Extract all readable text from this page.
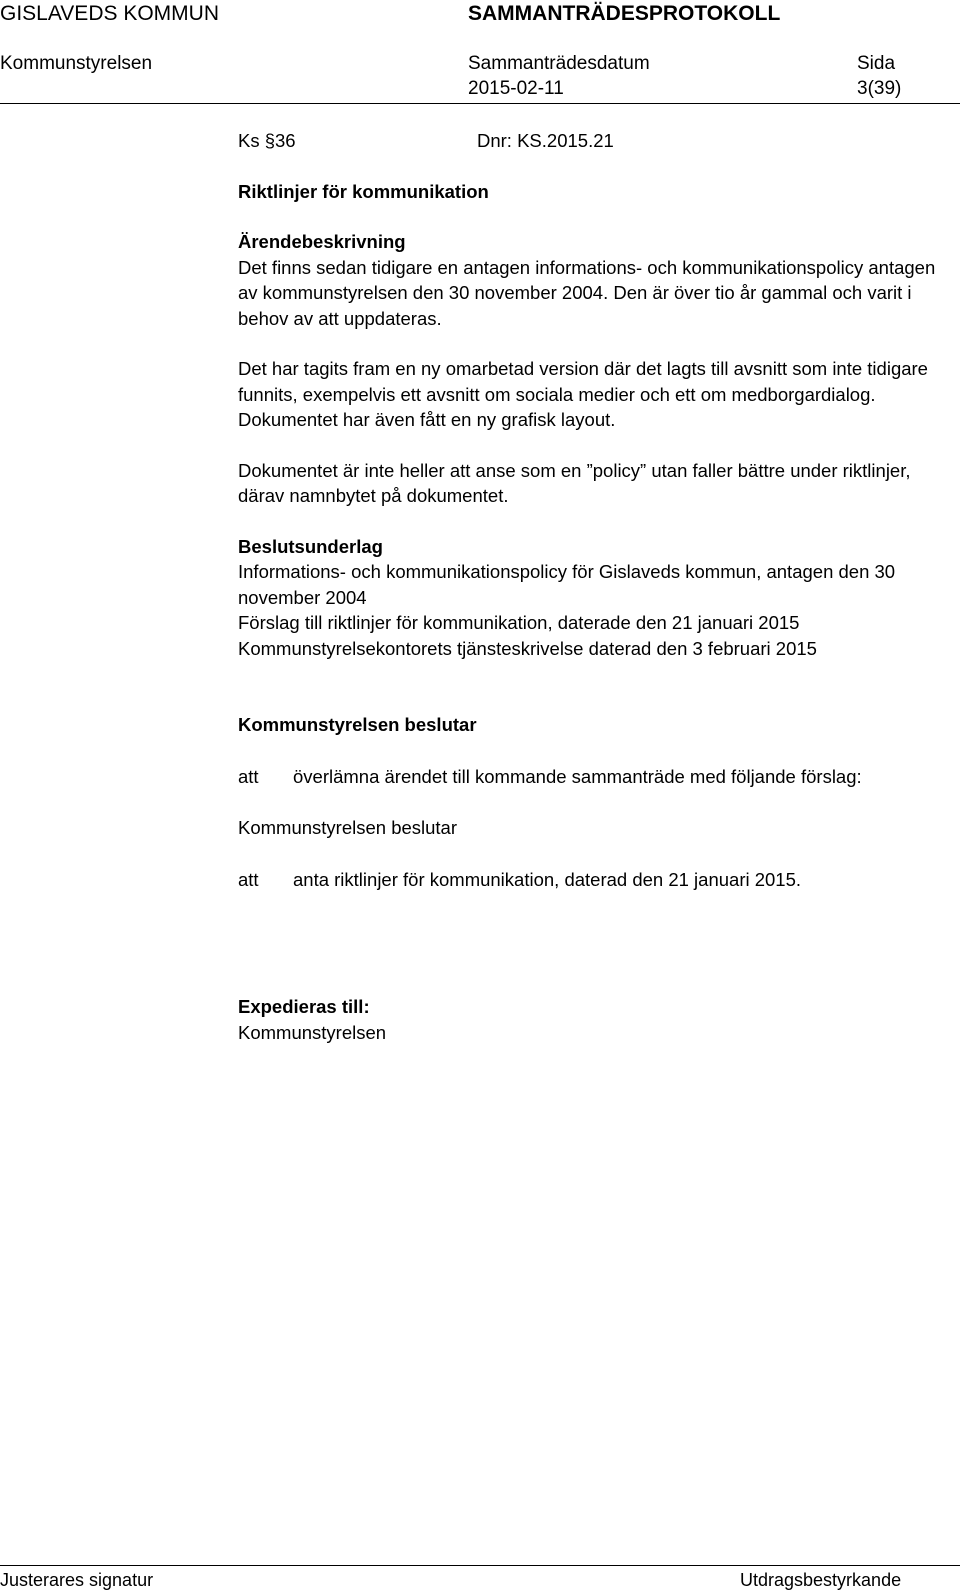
GISLAVEDS KOMMUN	SAMMANTRÄDESPROTOKOLL
Kommunstyrelsen	Sammanträdesdatum
2015-02-11
Sida
3(39)
Ks §36	Dnr: KS.2015.21

Riktlinjer för kommunikation

Ärendebeskrivning

Det finns sedan tidigare en antagen informations- och kommunikationspolicy antagen av kommunstyrelsen den 30 november 2004. Den är över tio år gammal och varit i behov av att uppdateras.

Det har tagits fram en ny omarbetad version där det lagts till avsnitt som inte tidigare funnits, exempelvis ett avsnitt om sociala medier och ett om medborgardialog. Dokumentet har även fått en ny grafisk layout.

Dokumentet är inte heller att anse som en ”policy” utan faller bättre under riktlinjer, därav namnbytet på dokumentet.

Beslutsunderlag

Informations- och kommunikationspolicy för Gislaveds kommun, antagen den 30 november 2004

Förslag till riktlinjer för kommunikation, daterade den 21 januari 2015

Kommunstyrelsekontorets tjänsteskrivelse daterad den 3 februari 2015

Kommunstyrelsen beslutar

att överlämna ärendet till kommande sammanträde med följande förslag:

Kommunstyrelsen beslutar

att anta riktlinjer för kommunikation, daterad den 21 januari 2015.

Expedieras till:

Kommunstyrelsen

Justerares signatur	Utdragsbestyrkande
